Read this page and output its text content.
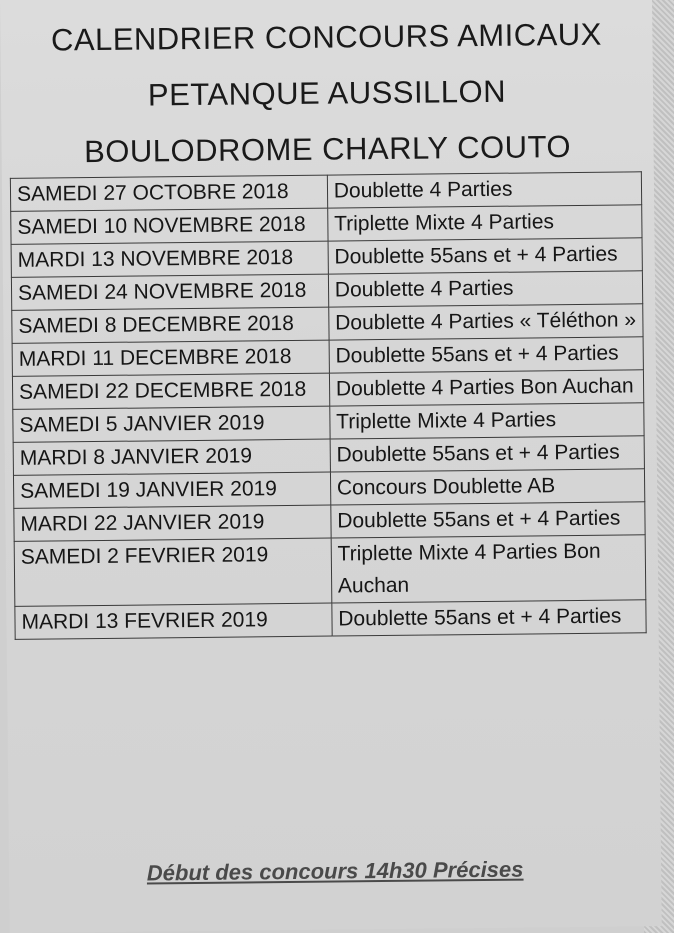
CALENDRIER CONCOURS AMICAUX
PETANQUE AUSSILLON
BOULODROME CHARLY COUTO
SAMEDI 27 OCTOBRE 2018	Doublette 4 Parties
SAMEDI 10 NOVEMBRE 2018	Triplette Mixte 4 Parties
MARDI 13 NOVEMBRE 2018	Doublette 55ans et + 4 Parties
SAMEDI 24 NOVEMBRE 2018	Doublette 4 Parties
SAMEDI 8 DECEMBRE 2018	Doublette 4 Parties « Téléthon »
MARDI 11 DECEMBRE 2018	Doublette 55ans et + 4 Parties
SAMEDI 22 DECEMBRE 2018	Doublette 4 Parties Bon Auchan
SAMEDI 5 JANVIER 2019	Triplette Mixte 4 Parties
MARDI 8 JANVIER 2019	Doublette 55ans et + 4 Parties
SAMEDI 19 JANVIER 2019	Concours Doublette AB
MARDI 22 JANVIER 2019	Doublette 55ans et + 4 Parties
SAMEDI 2 FEVRIER 2019	Triplette Mixte 4 Parties Bon Auchan
MARDI 13 FEVRIER 2019	Doublette 55ans et + 4 Parties
Début des concours 14h30 Précises
